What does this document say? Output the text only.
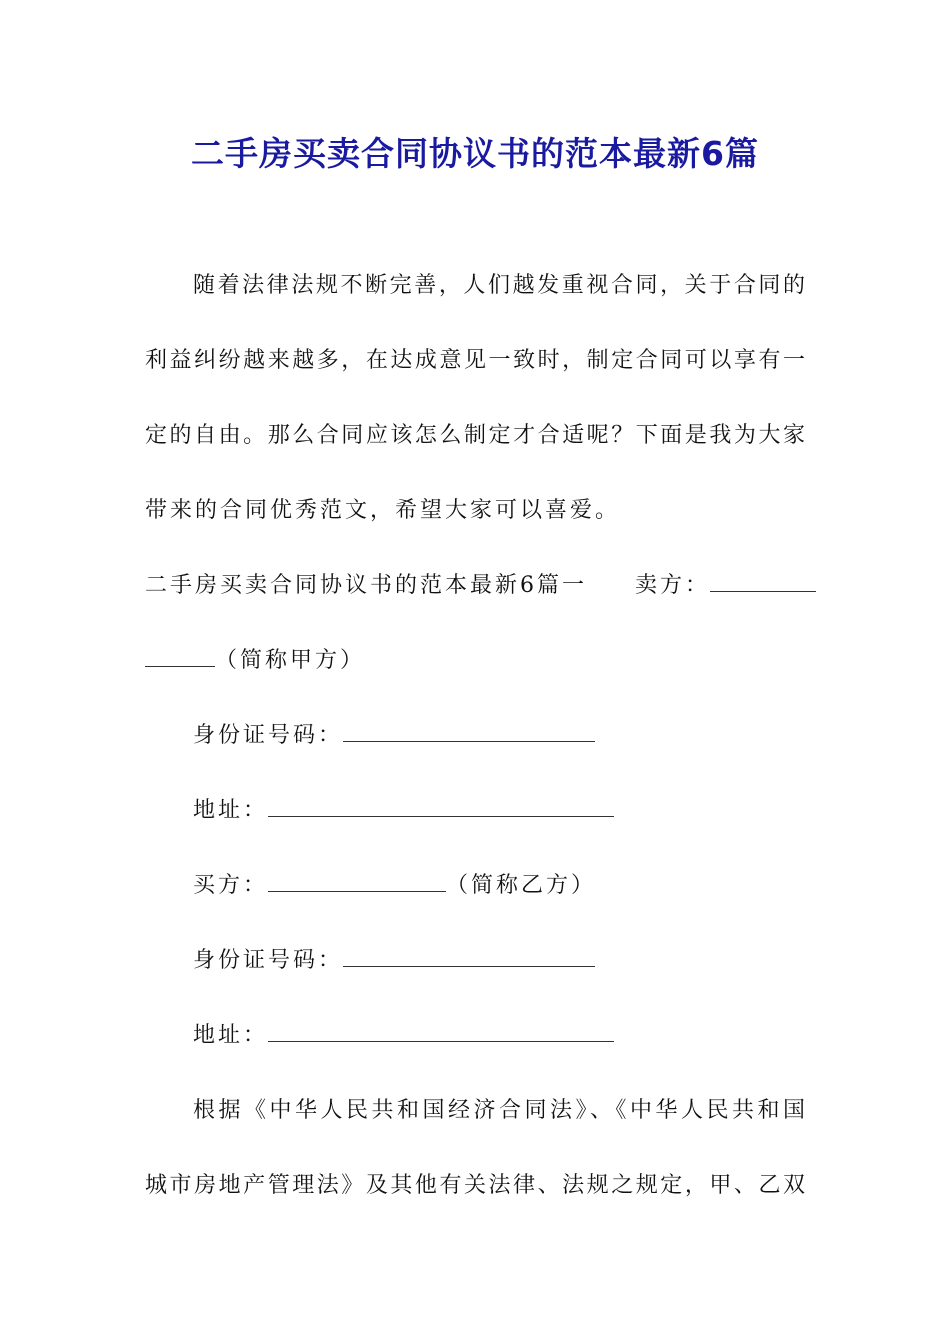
二手房买卖合同协议书的范本最新6篇
随着法律法规不断完善，人们越发重视合同，关于合同的
利益纠纷越来越多，在达成意见一致时，制定合同可以享有一
定的自由。那么合同应该怎么制定才合适呢？下面是我为大家
带来的合同优秀范文，希望大家可以喜爱。
二手房买卖合同协议书的范本最新6篇一 卖方：
（简称甲方）
身份证号码：
地址：
买方：	（简称乙方）
身份证号码：
地址：
根据《中华人民共和国经济合同法》、《中华人民共和国
城市房地产管理法》及其他有关法律、法规之规定，甲、乙双
